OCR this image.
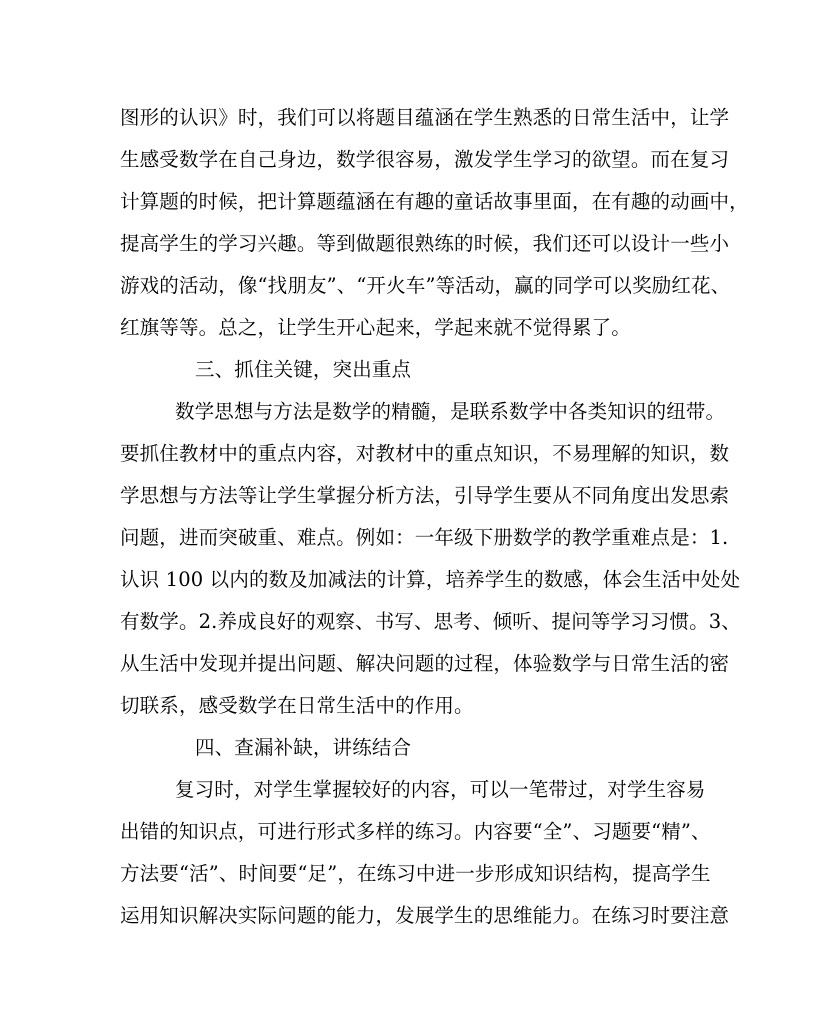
图形的认识》时，我们可以将题目蕴涵在学生熟悉的日常生活中，让学
生感受数学在自己身边，数学很容易，激发学生学习的欲望。而在复习
计算题的时候，把计算题蕴涵在有趣的童话故事里面，在有趣的动画中，
提高学生的学习兴趣。等到做题很熟练的时候，我们还可以设计一些小
游戏的活动，像“找朋友”、“开火车”等活动，赢的同学可以奖励红花、
红旗等等。总之，让学生开心起来，学起来就不觉得累了。
三、抓住关键，突出重点
数学思想与方法是数学的精髓，是联系数学中各类知识的纽带。
要抓住教材中的重点内容，对教材中的重点知识，不易理解的知识，数
学思想与方法等让学生掌握分析方法，引导学生要从不同角度出发思索
问题，进而突破重、难点。例如：一年级下册数学的教学重难点是：1.
认识 100 以内的数及加减法的计算，培养学生的数感，体会生活中处处
有数学。2.养成良好的观察、书写、思考、倾听、提问等学习习惯。3、
从生活中发现并提出问题、解决问题的过程，体验数学与日常生活的密
切联系，感受数学在日常生活中的作用。
四、查漏补缺，讲练结合
复习时，对学生掌握较好的内容，可以一笔带过，对学生容易
出错的知识点，可进行形式多样的练习。内容要“全”、习题要“精”、
方法要“活”、时间要“足”，在练习中进一步形成知识结构，提高学生
运用知识解决实际问题的能力，发展学生的思维能力。在练习时要注意
